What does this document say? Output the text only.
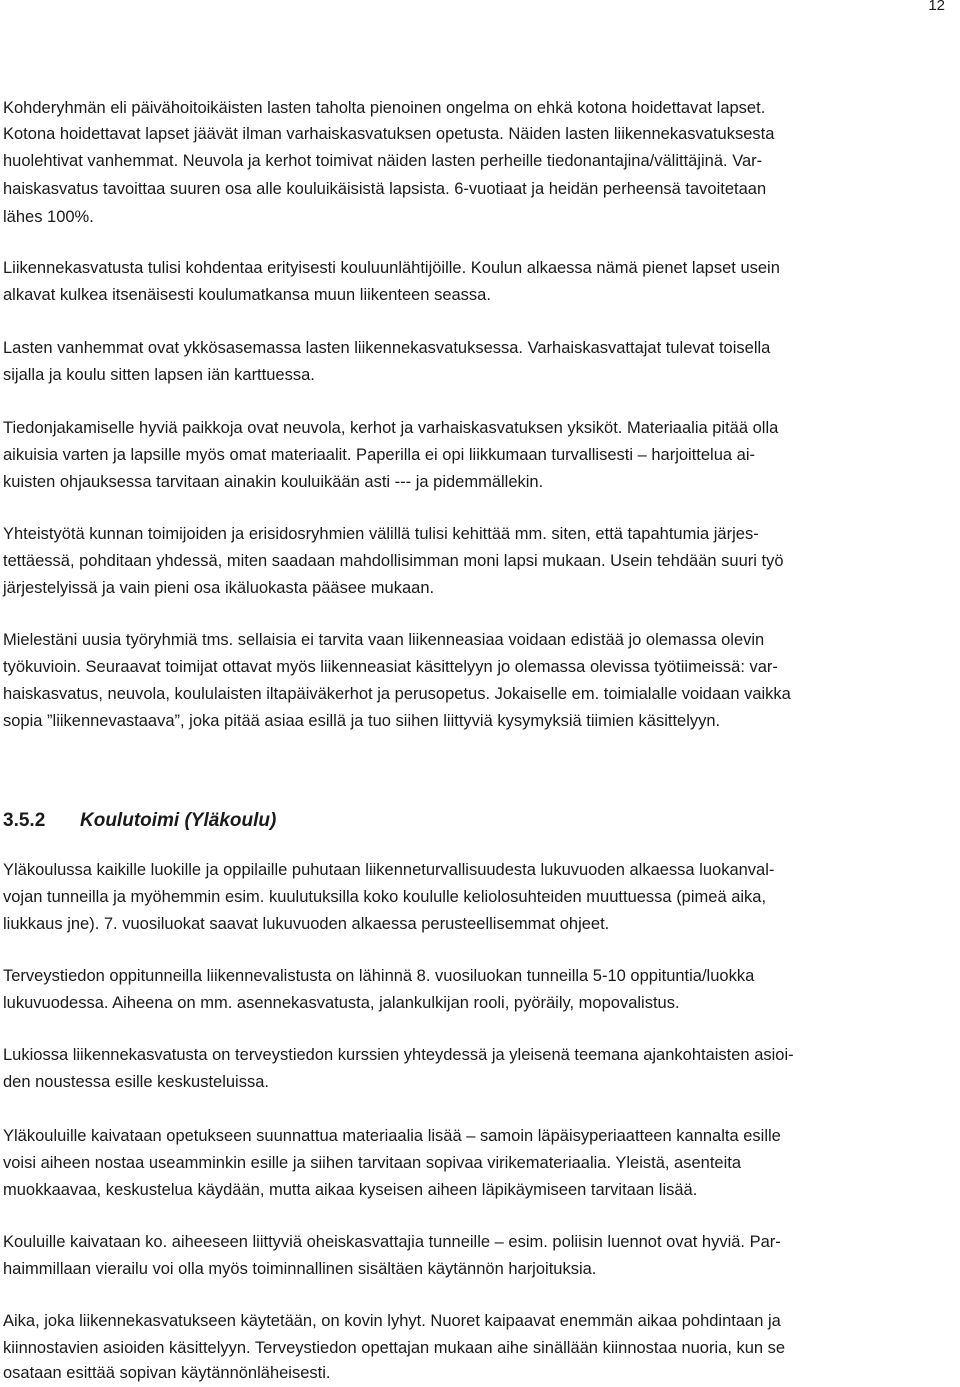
12
Kohderyhmän eli päivähoitoikäisten lasten taholta pienoinen ongelma on ehkä kotona hoidettavat lapset.
Kotona hoidettavat lapset jäävät ilman varhaiskasvatuksen opetusta. Näiden lasten liikennekasvatuksesta
huolehtivat vanhemmat. Neuvola ja kerhot toimivat näiden lasten perheille tiedonantajina/välittäjinä. Var-
haiskasvatus tavoittaa suuren osa alle kouluikäisistä lapsista. 6-vuotiaat ja heidän perheensä tavoitetaan
lähes 100%.
Liikennekasvatusta tulisi kohdentaa erityisesti kouluunlähtijöille. Koulun alkaessa nämä pienet lapset usein
alkavat kulkea itsenäisesti koulumatkansa muun liikenteen seassa.
Lasten vanhemmat ovat ykkösasemassa lasten liikennekasvatuksessa. Varhaiskasvattajat tulevat toisella
sijalla ja koulu sitten lapsen iän karttuessa.
Tiedonjakamiselle hyviä paikkoja ovat neuvola, kerhot ja varhaiskasvatuksen yksiköt. Materiaalia pitää olla
aikuisia varten ja lapsille myös omat materiaalit. Paperilla ei opi liikkumaan turvallisesti – harjoittelua ai-
kuisten ohjauksessa tarvitaan ainakin kouluikään asti --- ja pidemmällekin.
Yhteistyötä kunnan toimijoiden ja erisidosryhmien välillä tulisi kehittää mm. siten, että tapahtumia järjes-
tettäessä, pohditaan yhdessä, miten saadaan mahdollisimman moni lapsi mukaan. Usein tehdään suuri työ
järjestelyissä ja vain pieni osa ikäluokasta pääsee mukaan.
Mielestäni uusia työryhmiä tms. sellaisia ei tarvita vaan liikenneasiaa voidaan edistää jo olemassa olevin
työkuvioin. Seuraavat toimijat ottavat myös liikenneasiat käsittelyyn jo olemassa olevissa työtiimeissä: var-
haiskasvatus, neuvola, koululaisten iltapäiväkerhot ja perusopetus. Jokaiselle em. toimialalle voidaan vaikka
sopia ”liikennevastaava”, joka pitää asiaa esillä ja tuo siihen liittyviä kysymyksiä tiimien käsittelyyn.
3.5.2 Koulutoimi (Yläkoulu)
Yläkoulussa kaikille luokille ja oppilaille puhutaan liikenneturvallisuudesta lukuvuoden alkaessa luokanval-
vojan tunneilla ja myöhemmin esim. kuulutuksilla koko koululle keliolosuhteiden muuttuessa (pimeä aika,
liukkaus jne). 7. vuosiluokat saavat lukuvuoden alkaessa perusteellisemmat ohjeet.
Terveystiedon oppitunneilla liikennevalistusta on lähinnä 8. vuosiluokan tunneilla 5-10 oppituntia/luokka
lukuvuodessa. Aiheena on mm. asennekasvatusta, jalankulkijan rooli, pyöräily, mopovalistus.
Lukiossa liikennekasvatusta on terveystiedon kurssien yhteydessä ja yleisenä teemana ajankohtaisten asioi-
den noustessa esille keskusteluissa.
Yläkouluille kaivataan opetukseen suunnattua materiaalia lisää – samoin läpäisyperiaatteen kannalta esille
voisi aiheen nostaa useamminkin esille ja siihen tarvitaan sopivaa virikemateriaalia. Yleistä, asenteita
muokkaavaa, keskustelua käydään, mutta aikaa kyseisen aiheen läpikäymiseen tarvitaan lisää.
Kouluille kaivataan ko. aiheeseen liittyviä oheiskasvattajia tunneille – esim. poliisin luennot ovat hyviä. Par-
haimmillaan vierailu voi olla myös toiminnallinen sisältäen käytännön harjoituksia.
Aika, joka liikennekasvatukseen käytetään, on kovin lyhyt. Nuoret kaipaavat enemmän aikaa pohdintaan ja
kiinnostavien asioiden käsittelyyn. Terveystiedon opettajan mukaan aihe sinällään kiinnostaa nuoria, kun se
osataan esittää sopivan käytännönläheisesti.
